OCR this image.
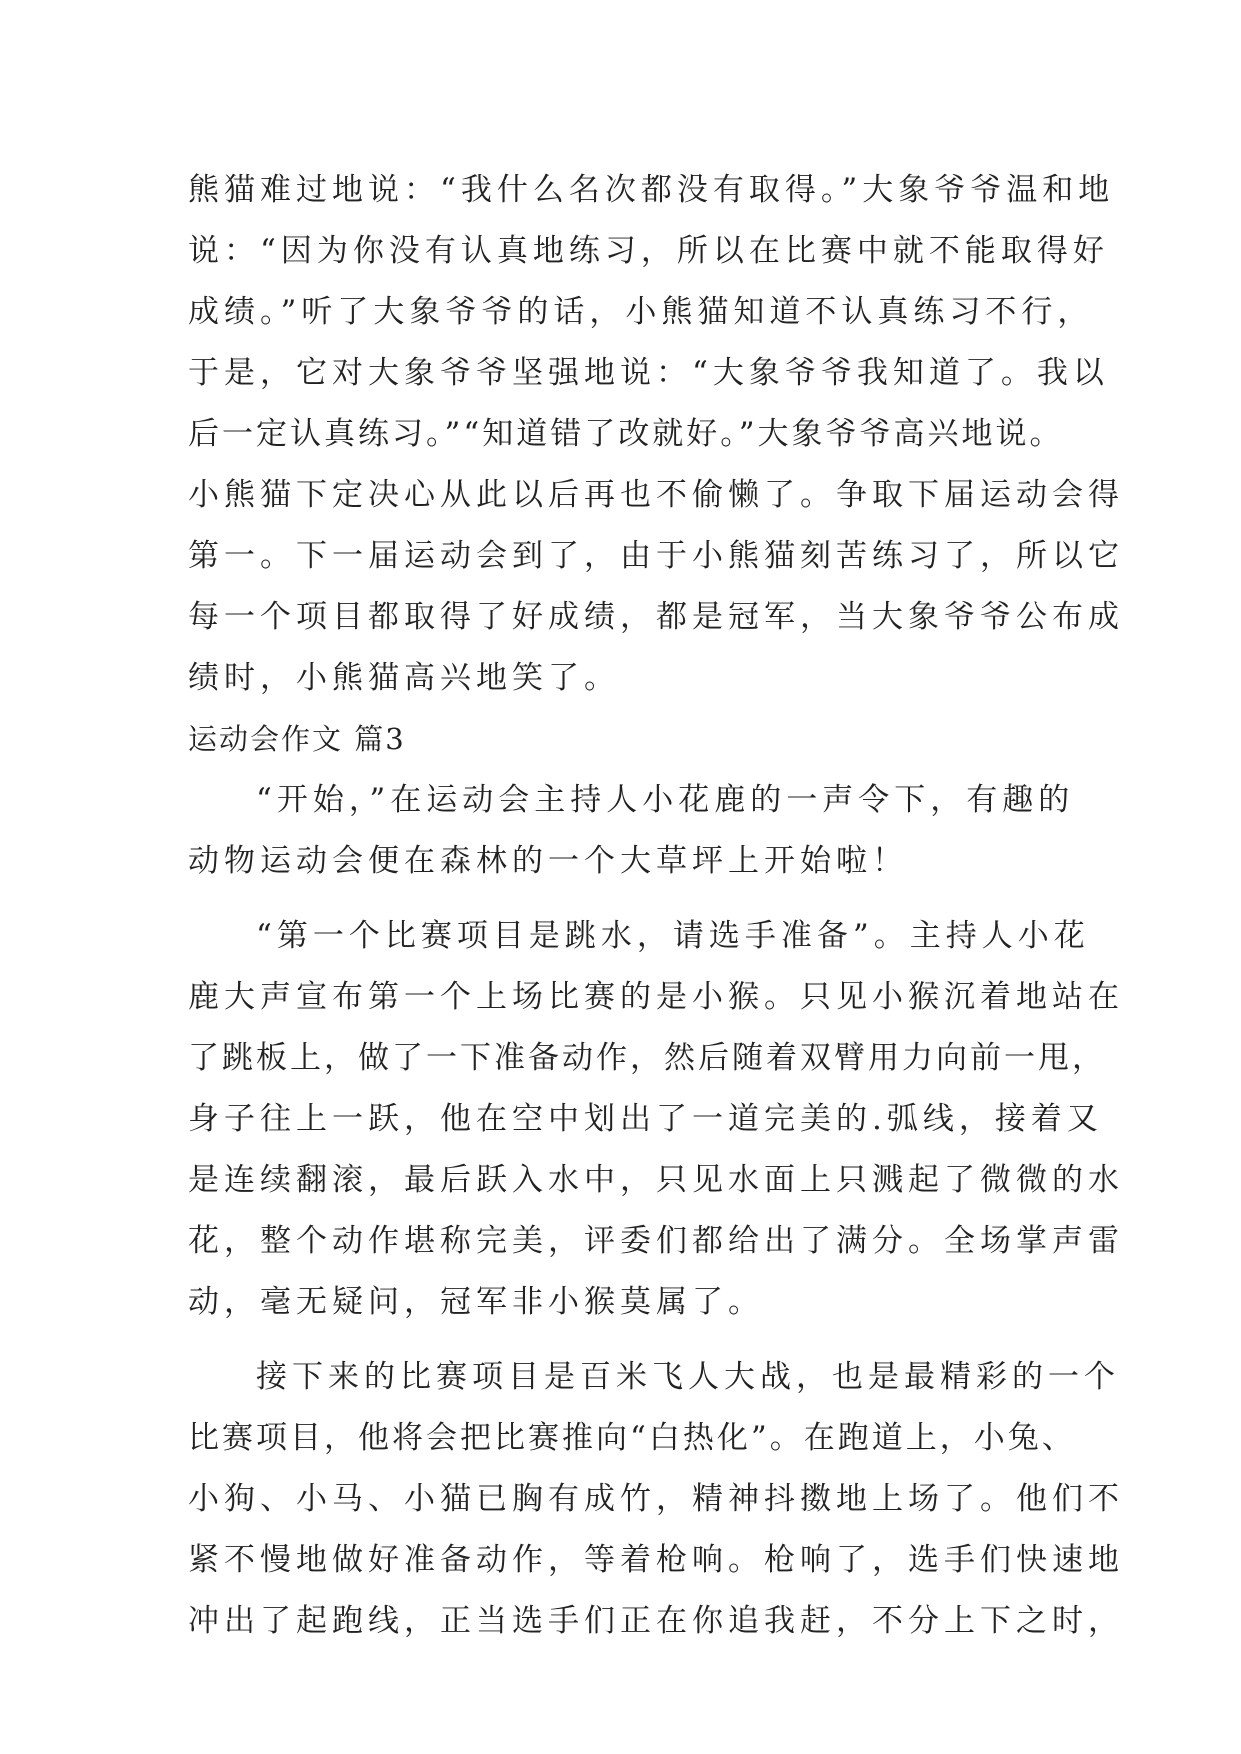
熊猫难过地说：“我什么名次都没有取得。”大象爷爷温和地
说：“因为你没有认真地练习，所以在比赛中就不能取得好
成绩。”听了大象爷爷的话，小熊猫知道不认真练习不行，
于是，它对大象爷爷坚强地说：“大象爷爷我知道了。我以
后一定认真练习。”“知道错了改就好。”大象爷爷高兴地说。
小熊猫下定决心从此以后再也不偷懒了。争取下届运动会得
第一。下一届运动会到了，由于小熊猫刻苦练习了，所以它
每一个项目都取得了好成绩，都是冠军，当大象爷爷公布成
绩时，小熊猫高兴地笑了。
运动会作文 篇3
“开始，”在运动会主持人小花鹿的一声令下，有趣的
动物运动会便在森林的一个大草坪上开始啦！
“第一个比赛项目是跳水，请选手准备”。主持人小花
鹿大声宣布第一个上场比赛的是小猴。只见小猴沉着地站在
了跳板上，做了一下准备动作，然后随着双臂用力向前一甩，
身子往上一跃，他在空中划出了一道完美的.弧线，接着又
是连续翻滚，最后跃入水中，只见水面上只溅起了微微的水
花，整个动作堪称完美，评委们都给出了满分。全场掌声雷
动，毫无疑问，冠军非小猴莫属了。
接下来的比赛项目是百米飞人大战，也是最精彩的一个
比赛项目，他将会把比赛推向“白热化”。在跑道上，小兔、
小狗、小马、小猫已胸有成竹，精神抖擞地上场了。他们不
紧不慢地做好准备动作，等着枪响。枪响了，选手们快速地
冲出了起跑线，正当选手们正在你追我赶，不分上下之时，
